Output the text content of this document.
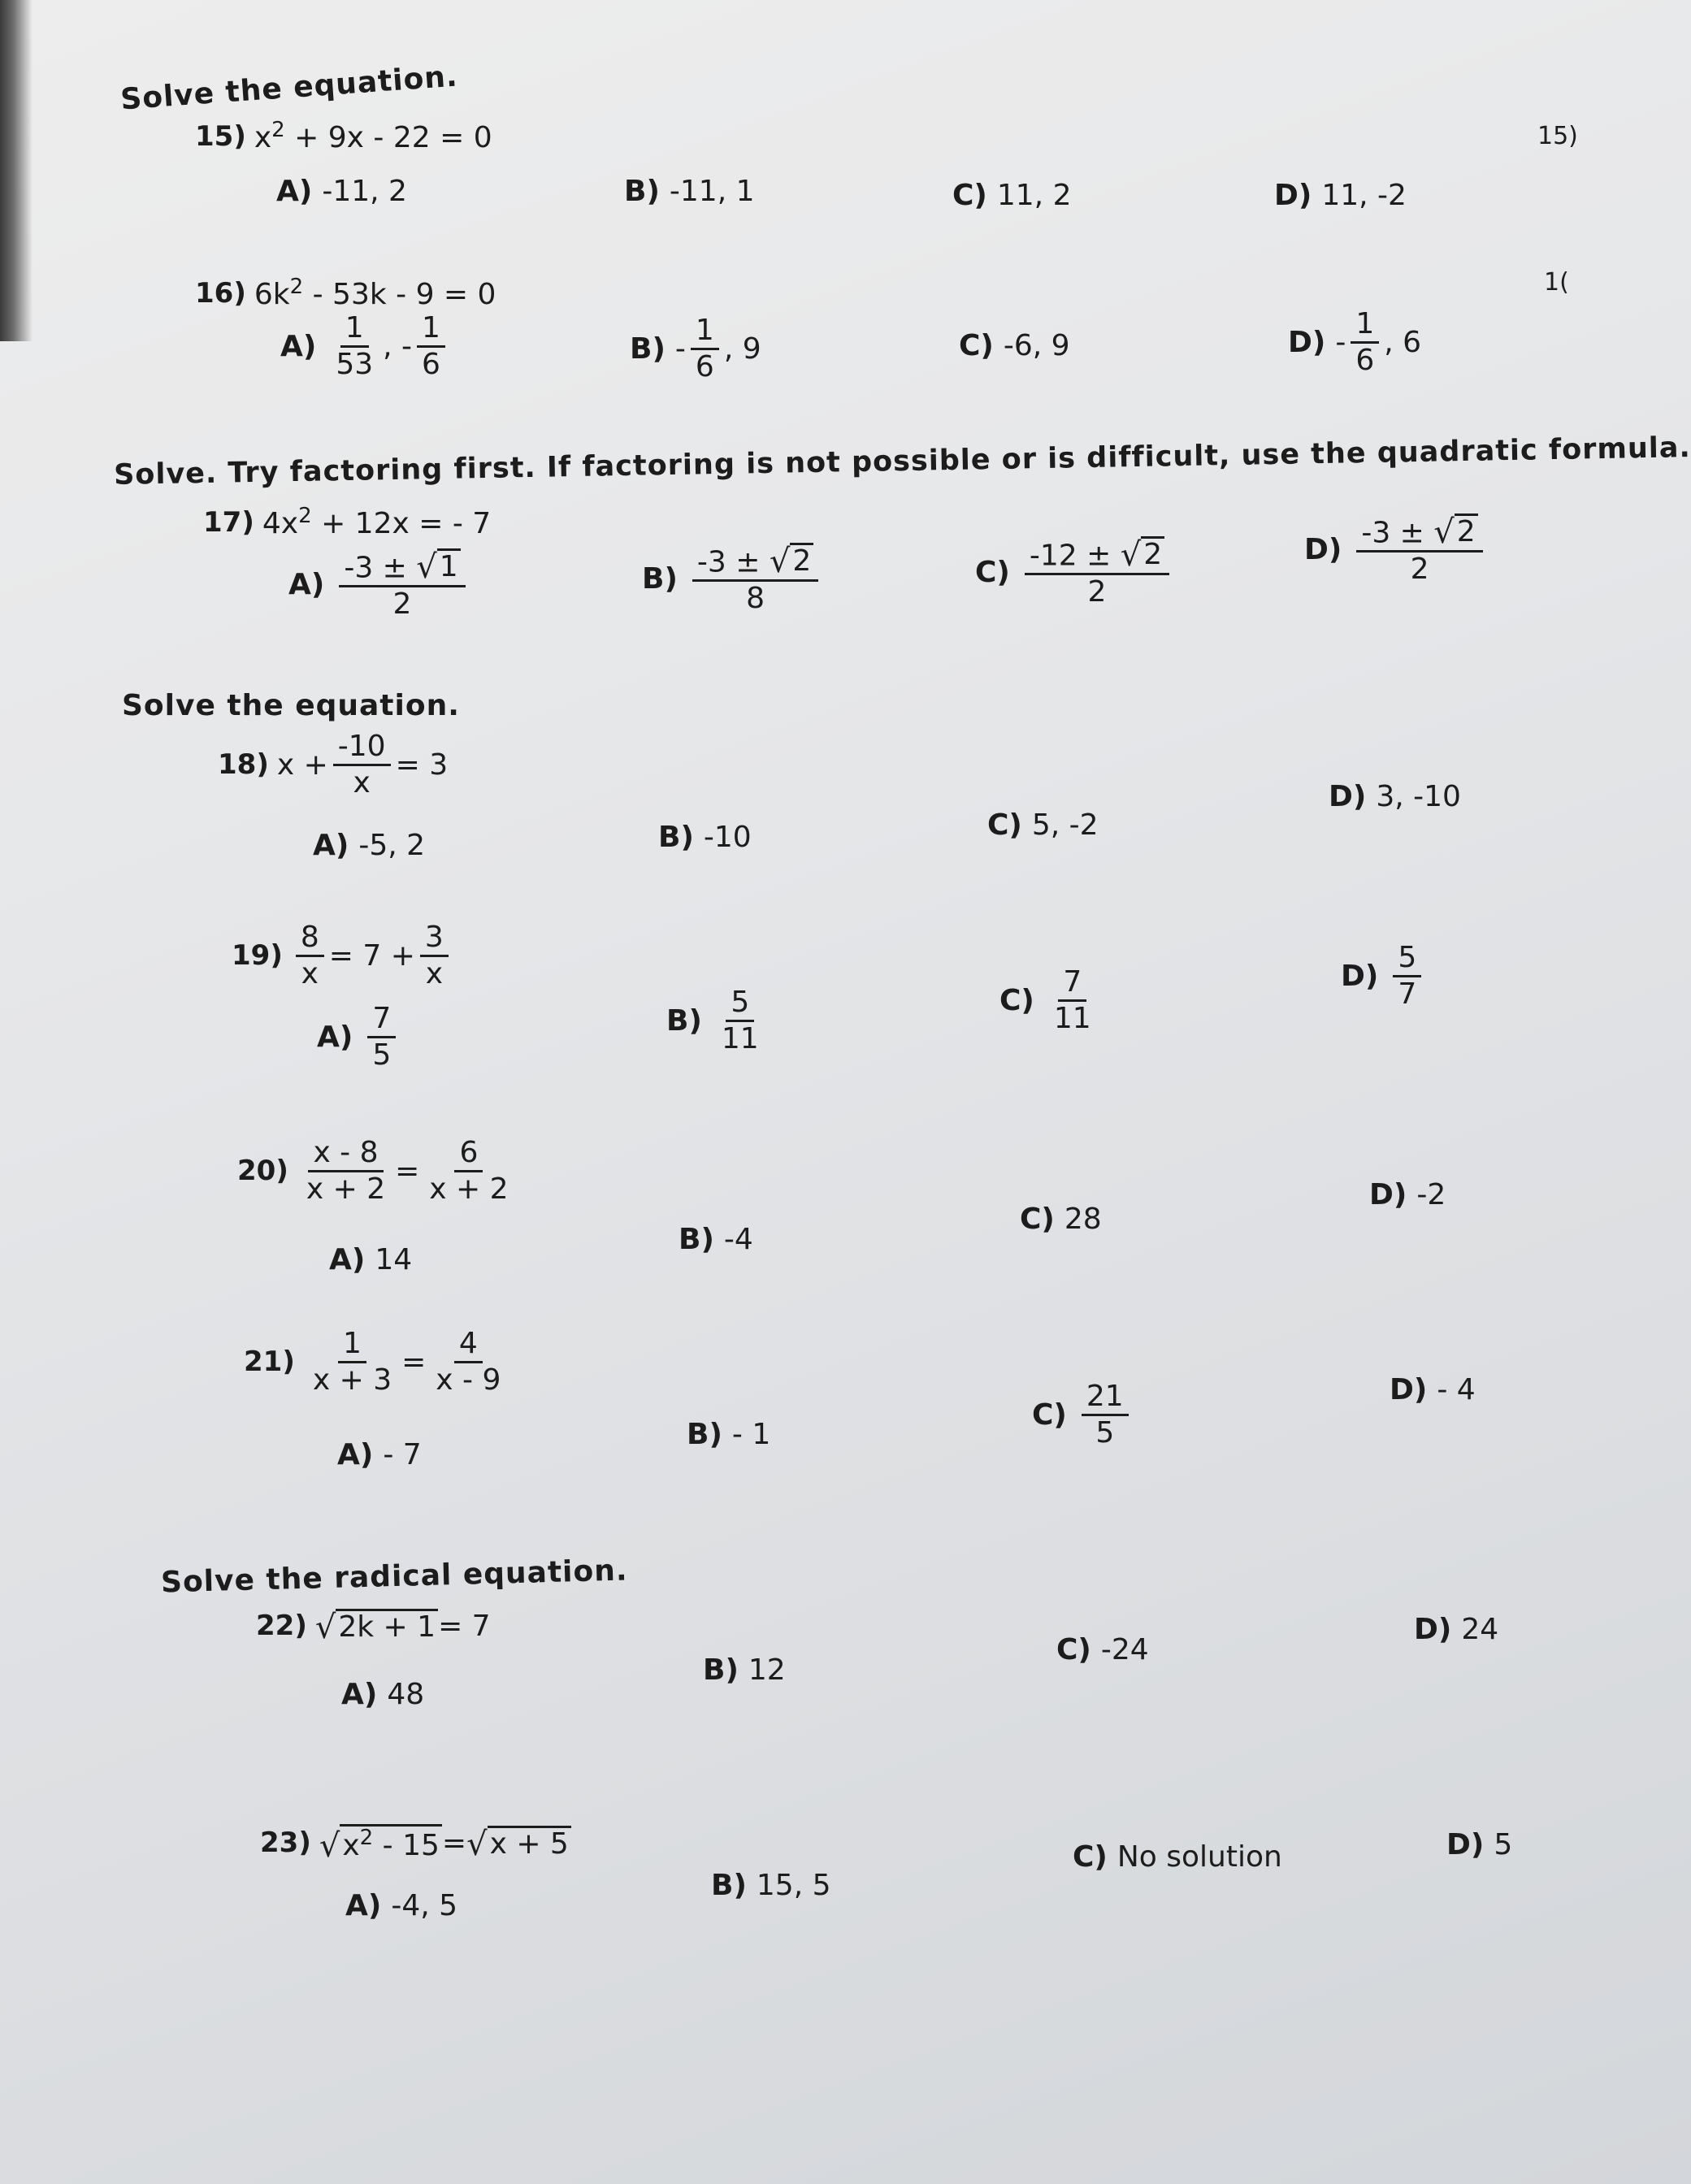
Solve the equation.
15)
1(
15) $x^2 + 9x - 22 = 0$
A) -11, 2	B) -11, 1	C) 11, 2	D) 11, -2
16) $6k^2 - 53k - 9 = 0$
$A) \frac{1}{53}$ , - $\frac{1}{6}$	$B) - \frac{1}{6}$ , 9	C) -6, 9	$D) - \frac{1}{6}$ , 6
Solve. Try factoring first. If factoring is not possible or is difficult, use the quadratic formula.
17) $4x^2 + 12x$ = - 7
$A) \frac{-3 \pm √ 1}{2}$	$B) \frac{-3 \pm √ 2}{8}$	$C) \frac{-12 \pm √ 2}{2}$	$D) \frac{-3 \pm √ 2}{2}$
Solve the equation.
18) $x + \frac{-10}{x} = 3$
A) -5, 2	B) -10	C) 5, -2
D) 3, -10
$19) \frac{8}{x} = 7 + \frac{3}{x}$
$A) \frac{7}{5}$	$B) \frac{5}{11}$	$C) \frac{7}{11}$	$D) \frac{5}{7}$
$20) \frac{x - 8}{x + 2} = \frac{6}{x + 2}$
A) 14
B) -4
C) 28
D) -2
$21) \frac{1}{x + 3} = \frac{4}{x - 9}$
A) - 7
B) - 1
$C) \frac{21}{5}$	D) - 4
Solve the radical equation.
22) √ 2k + 1 = 7
A) 48
B) 12
C) -24
D) 24
23) √ $x^2 - 15$ = √ x + 5
A) -4, 5
B) 15, 5
C) No solution	D) 5
